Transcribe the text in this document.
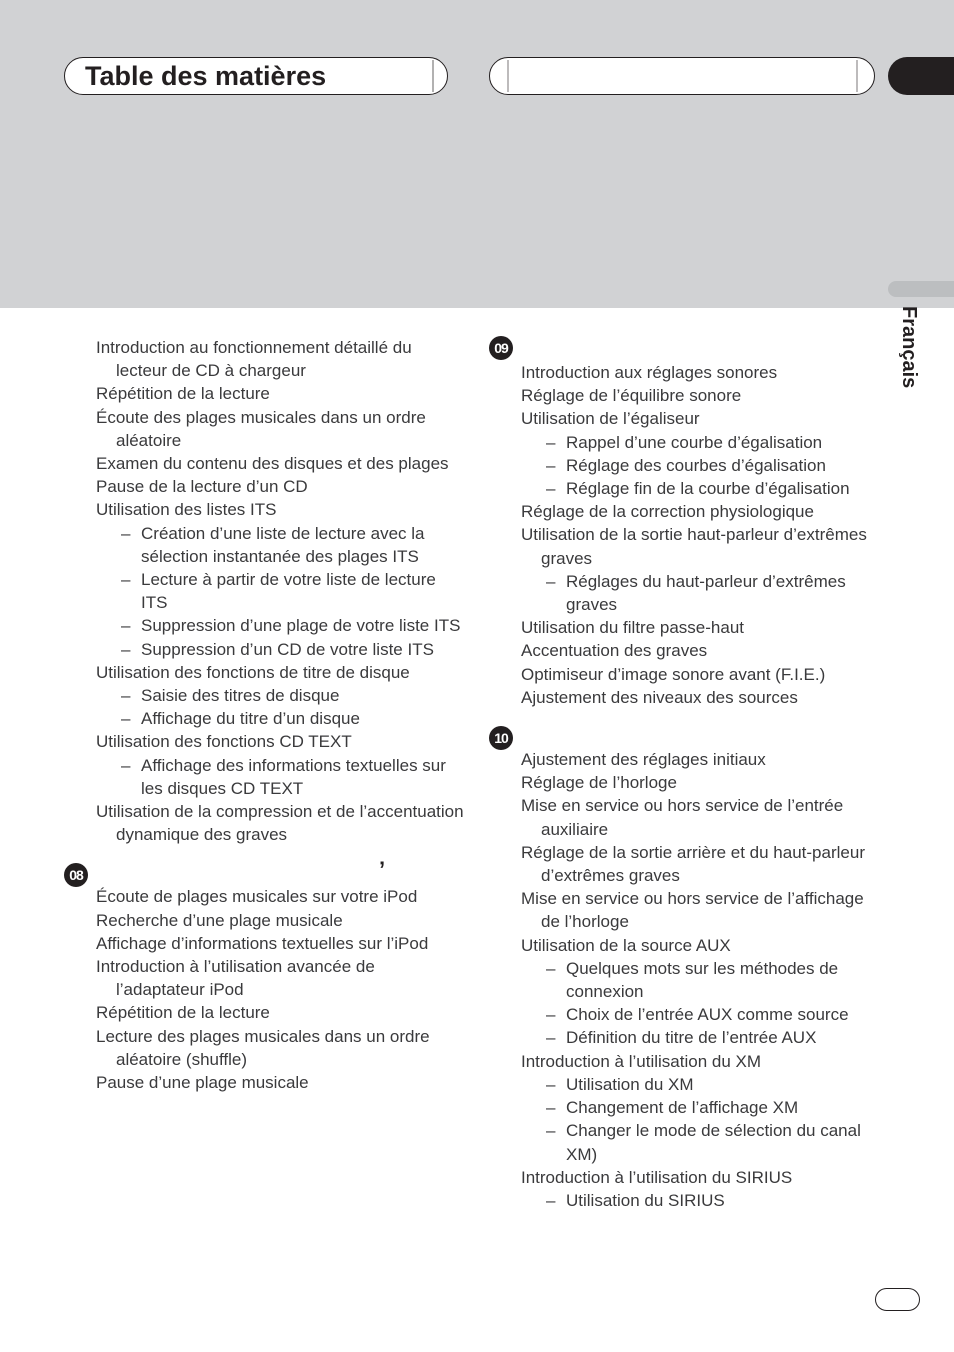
Table des matières
Français
Introduction au fonctionnement détaillé du lecteur de CD à chargeur
Répétition de la lecture
Écoute des plages musicales dans un ordre aléatoire
Examen du contenu des disques et des plages
Pause de la lecture d’un CD
Utilisation des listes ITS
– Création d’une liste de lecture avec la sélection instantanée des plages ITS
– Lecture à partir de votre liste de lecture ITS
– Suppression d’une plage de votre liste ITS
– Suppression d’un CD de votre liste ITS
Utilisation des fonctions de titre de disque
– Saisie des titres de disque
– Affichage du titre d’un disque
Utilisation des fonctions CD TEXT
– Affichage des informations textuelles sur les disques CD TEXT
Utilisation de la compression et de l’accentuation dynamique des graves
08	’
Écoute de plages musicales sur votre iPod
Recherche d’une plage musicale
Affichage d’informations textuelles sur l’iPod
Introduction à l’utilisation avancée de l’adaptateur iPod
Répétition de la lecture
Lecture des plages musicales dans un ordre aléatoire (shuffle)
Pause d’une plage musicale
09
Introduction aux réglages sonores
Réglage de l’équilibre sonore
Utilisation de l’égaliseur
– Rappel d’une courbe d’égalisation
– Réglage des courbes d’égalisation
– Réglage fin de la courbe d’égalisation
Réglage de la correction physiologique
Utilisation de la sortie haut-parleur d’extrêmes graves
– Réglages du haut-parleur d’extrêmes graves
Utilisation du filtre passe-haut
Accentuation des graves
Optimiseur d’image sonore avant (F.I.E.)
Ajustement des niveaux des sources
10
Ajustement des réglages initiaux
Réglage de l’horloge
Mise en service ou hors service de l’entrée auxiliaire
Réglage de la sortie arrière et du haut-parleur d’extrêmes graves
Mise en service ou hors service de l’affichage de l’horloge
Utilisation de la source AUX
– Quelques mots sur les méthodes de connexion
– Choix de l’entrée AUX comme source
– Définition du titre de l’entrée AUX
Introduction à l’utilisation du XM
– Utilisation du XM
– Changement de l’affichage XM
– Changer le mode de sélection du canal XM)
Introduction à l’utilisation du SIRIUS
– Utilisation du SIRIUS
